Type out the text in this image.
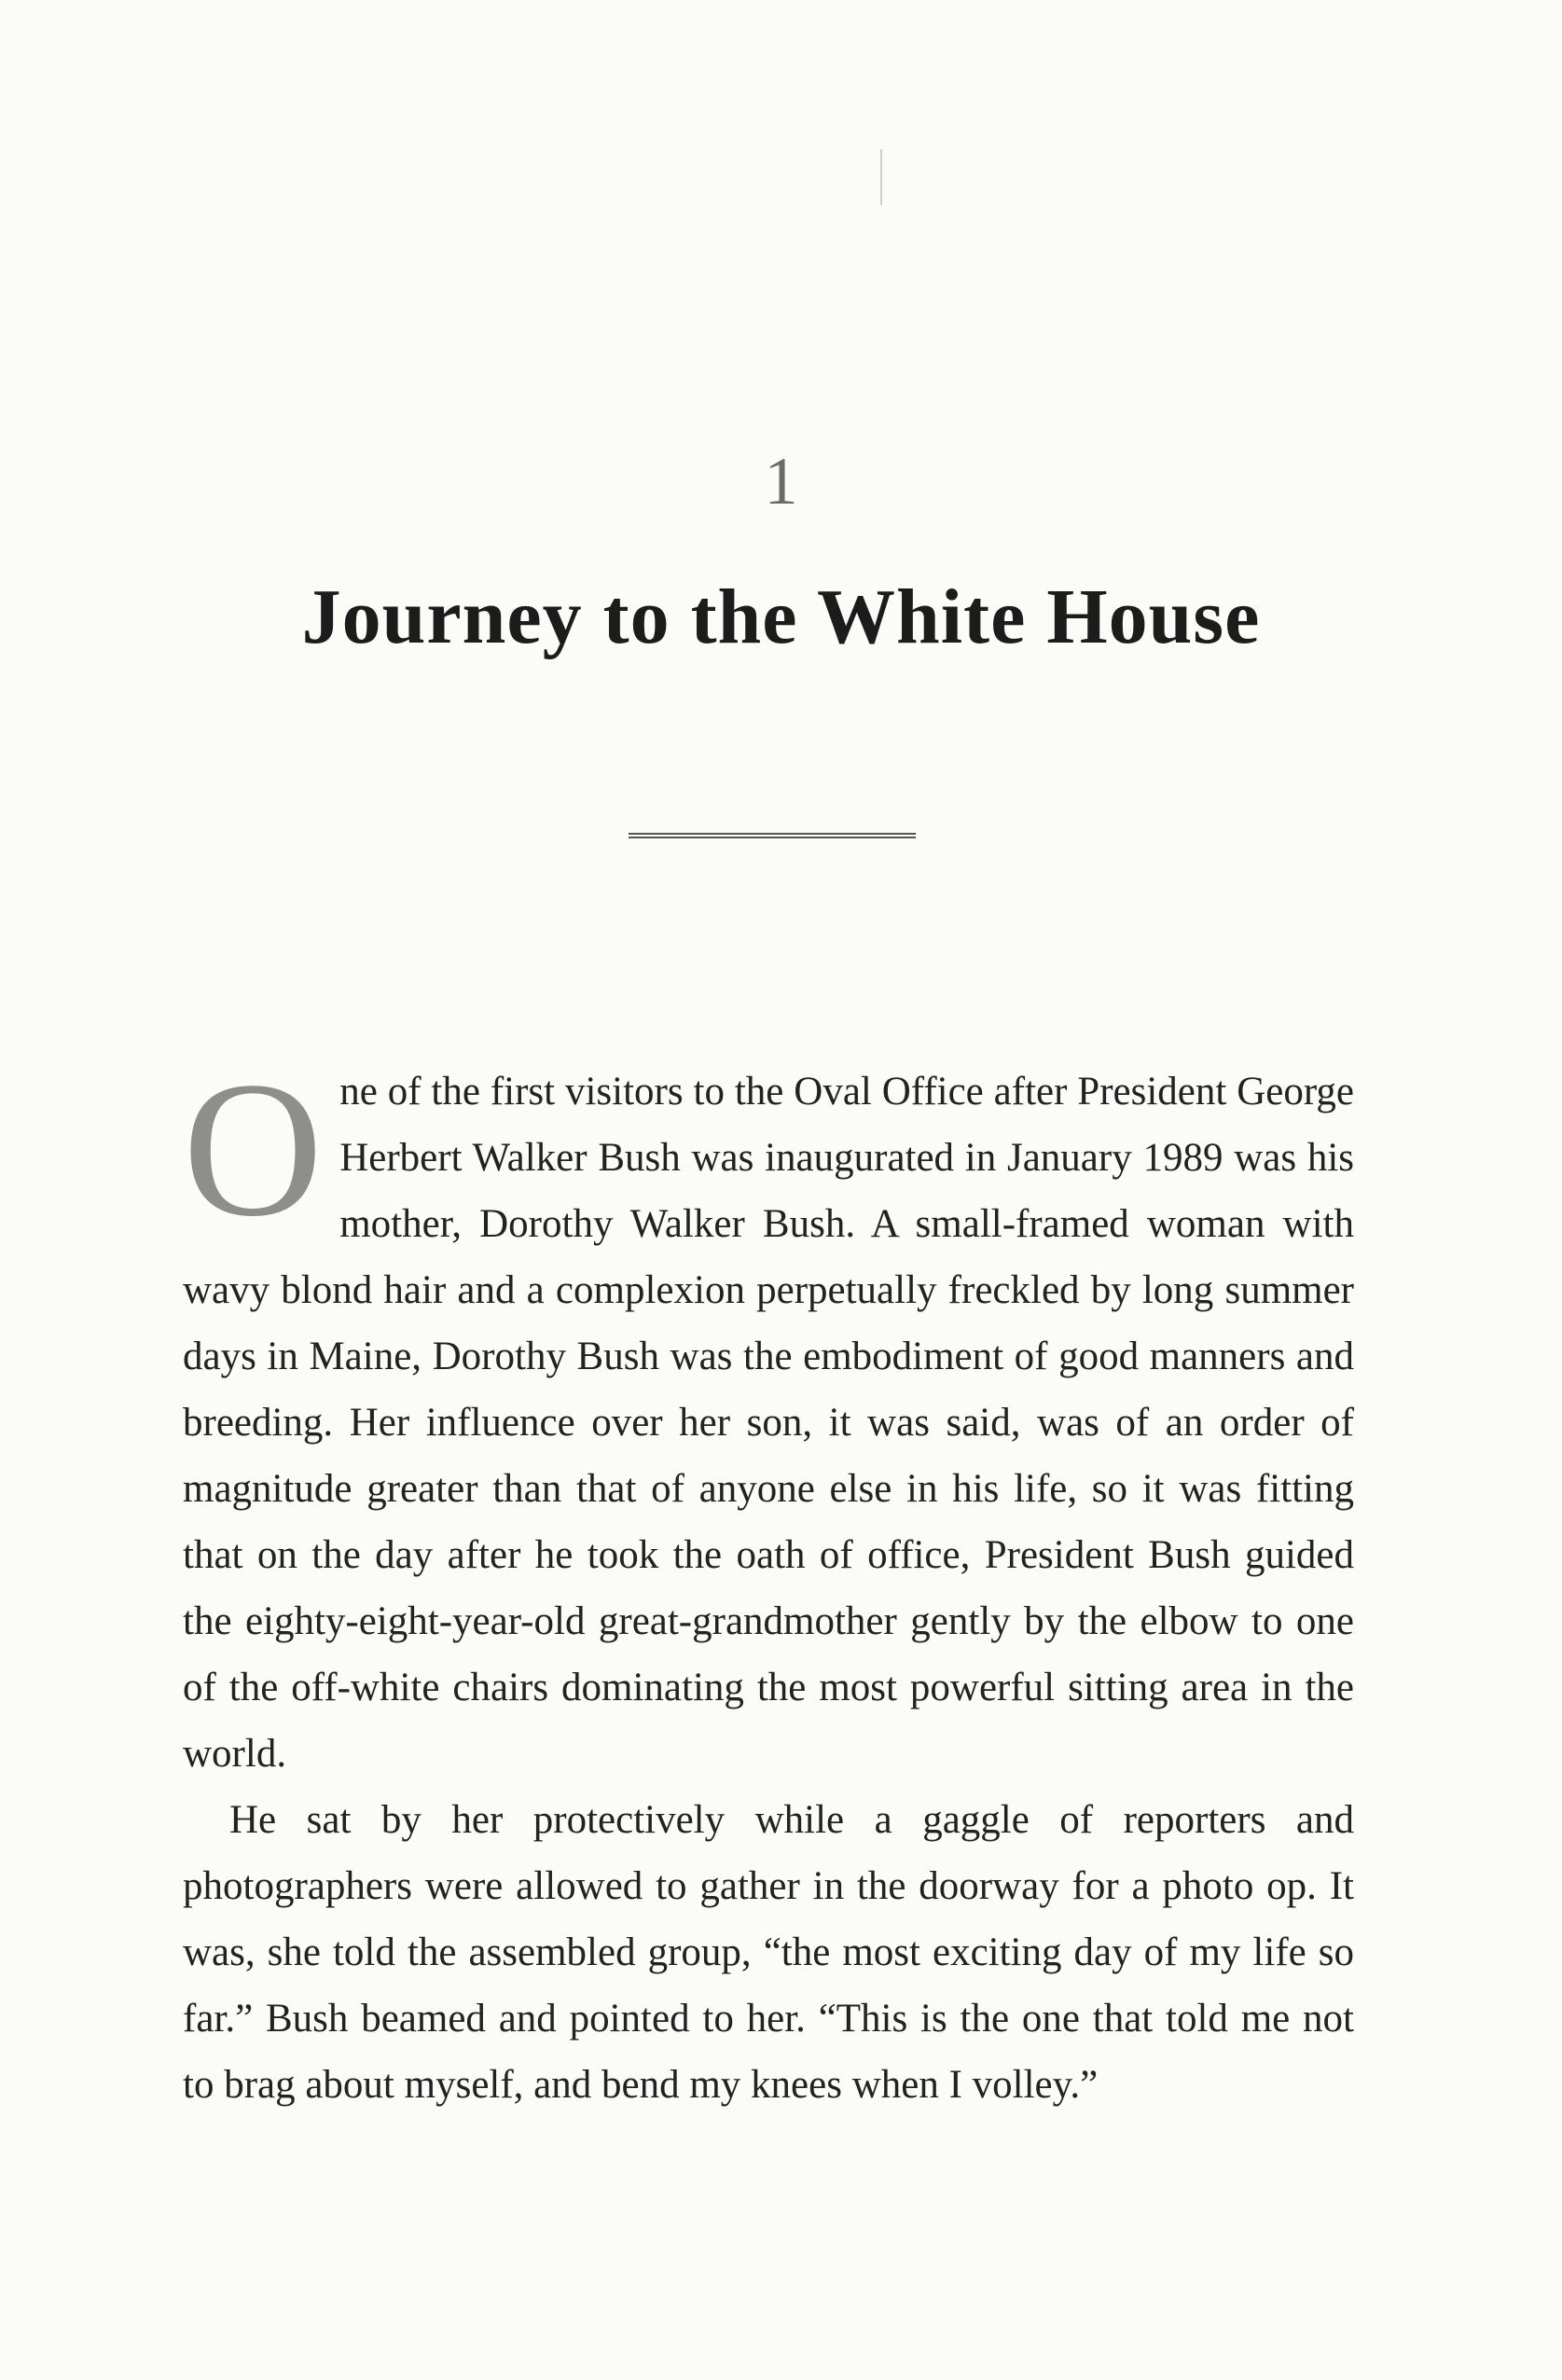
1
Journey to the White House

One of the first visitors to the Oval Office after President George Herbert Walker Bush was inaugurated in January 1989 was his mother, Dorothy Walker Bush. A small-framed woman with wavy blond hair and a complexion perpetually freckled by long summer days in Maine, Dorothy Bush was the embodiment of good manners and breeding. Her influence over her son, it was said, was of an order of magnitude greater than that of anyone else in his life, so it was fitting that on the day after he took the oath of office, President Bush guided the eighty-eight-year-old great-grandmother gently by the elbow to one of the off-white chairs dominating the most powerful sitting area in the world.

He sat by her protectively while a gaggle of reporters and photographers were allowed to gather in the doorway for a photo op. It was, she told the assembled group, “the most exciting day of my life so far.” Bush beamed and pointed to her. “This is the one that told me not to brag about myself, and bend my knees when I volley.”
